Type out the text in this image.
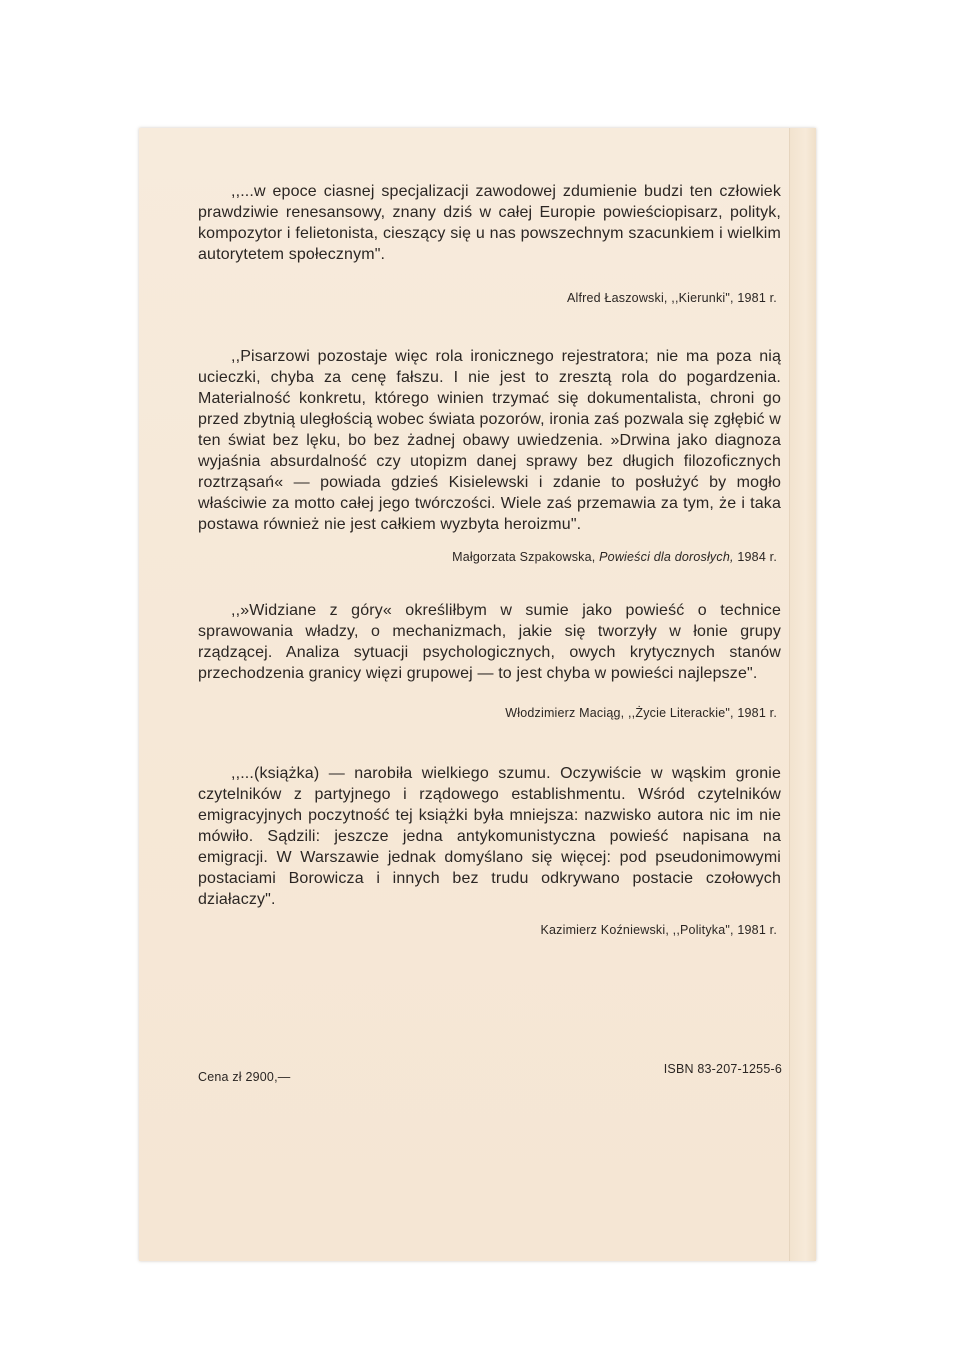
,,...w epoce ciasnej specjalizacji zawodowej zdumienie budzi ten człowiek prawdziwie renesansowy, znany dziś w całej Europie powieściopisarz, polityk, kompozytor i felietonista, cieszący się u nas powszechnym szacunkiem i wielkim autorytetem społecznym".

Alfred Łaszowski, ,,Kierunki", 1981 r.

,,Pisarzowi pozostaje więc rola ironicznego rejestratora; nie ma poza nią ucieczki, chyba za cenę fałszu. I nie jest to zresztą rola do pogardzenia. Materialność konkretu, którego winien trzymać się dokumentalista, chroni go przed zbytnią uległością wobec świata pozorów, ironia zaś pozwala się zgłębić w ten świat bez lęku, bo bez żadnej obawy uwiedzenia. »Drwina jako diagnoza wyjaśnia absurdalność czy utopizm danej sprawy bez długich filozoficznych roztrząsań« — powiada gdzieś Kisielewski i zdanie to posłużyć by mogło właściwie za motto całej jego twórczości. Wiele zaś przemawia za tym, że i taka postawa również nie jest całkiem wyzbyta heroizmu".

Małgorzata Szpakowska, Powieści dla dorosłych, 1984 r.

,,»Widziane z góry« określiłbym w sumie jako powieść o technice sprawowania władzy, o mechanizmach, jakie się tworzyły w łonie grupy rządzącej. Analiza sytuacji psychologicznych, owych krytycznych stanów przechodzenia granicy więzi grupowej — to jest chyba w powieści najlepsze".

Włodzimierz Maciąg, ,,Życie Literackie", 1981 r.

,,...(książka) — narobiła wielkiego szumu. Oczywiście w wąskim gronie czytelników z partyjnego i rządowego establishmentu. Wśród czytelników emigracyjnych poczytność tej książki była mniejsza: nazwisko autora nic im nie mówiło. Sądzili: jeszcze jedna antykomunistyczna powieść napisana na emigracji. W Warszawie jednak domyślano się więcej: pod pseudonimowymi postaciami Borowicza i innych bez trudu odkrywano postacie czołowych działaczy".

Kazimierz Koźniewski, ,,Polityka", 1981 r.
Cena zł 2900,—
ISBN 83-207-1255-6
